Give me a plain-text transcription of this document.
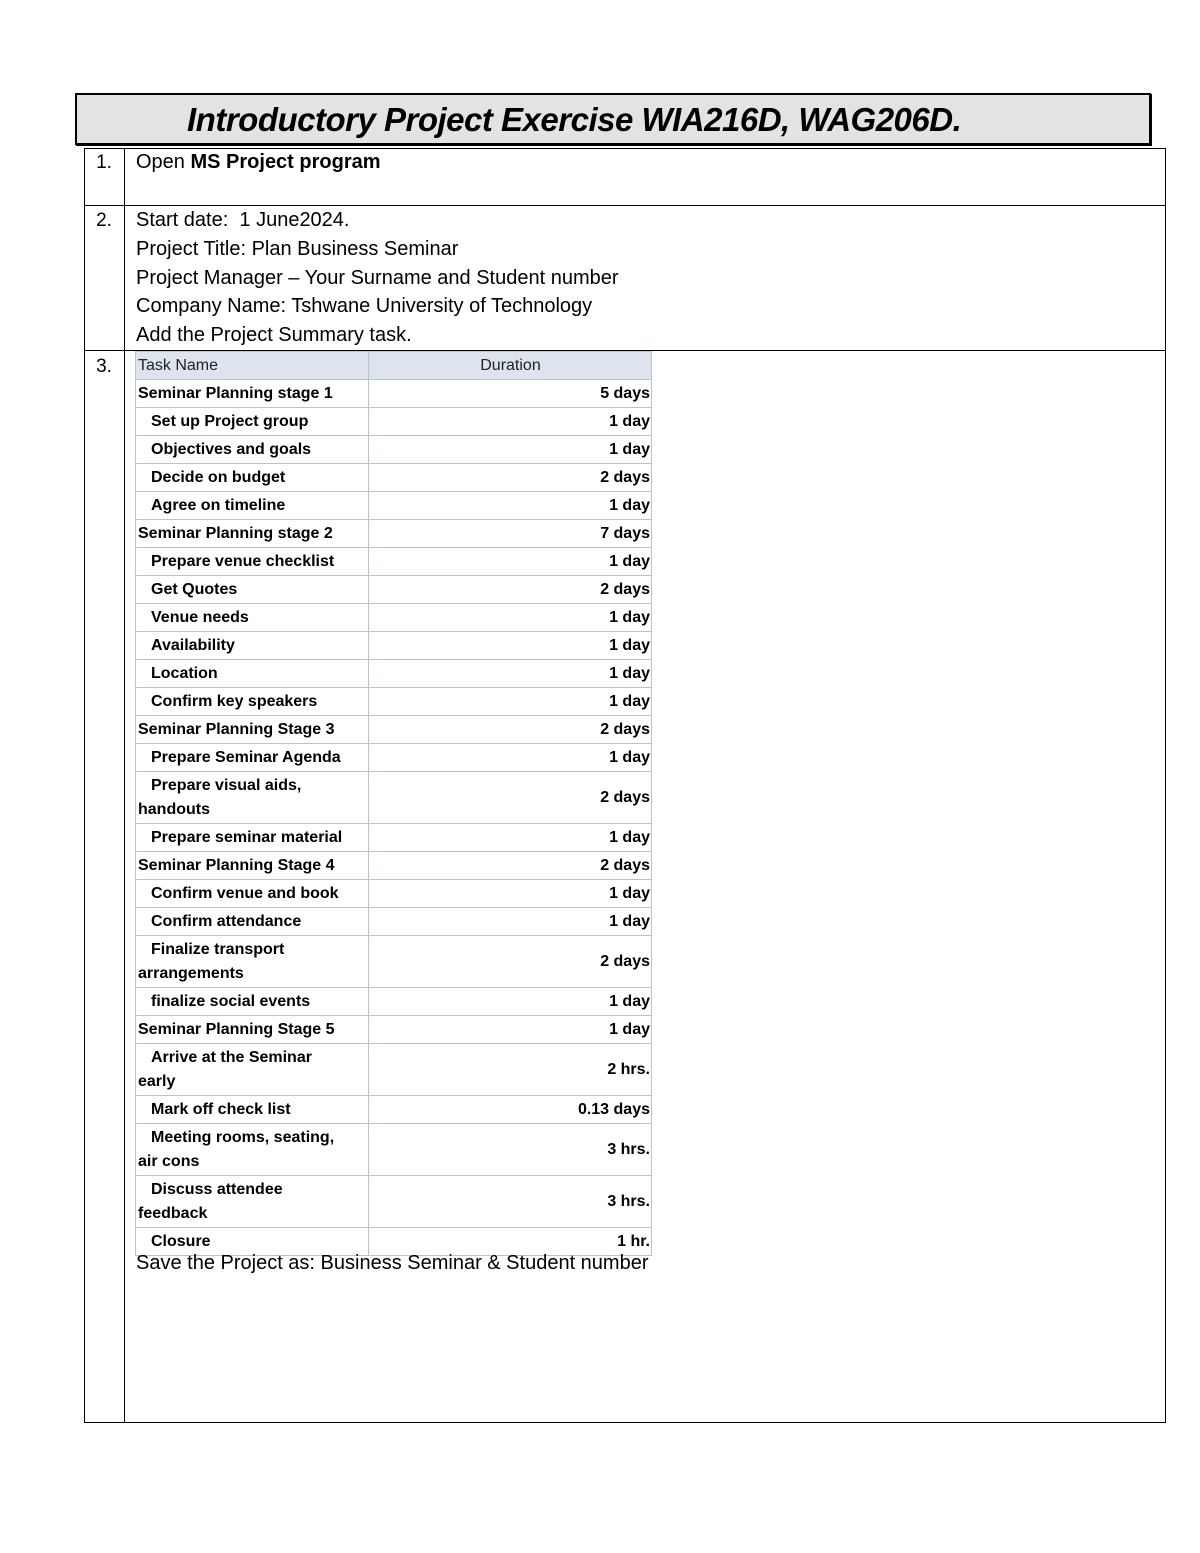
Introductory Project Exercise WIA216D, WAG206D.
1.	Open MS Project program
2.	Start date:  1 June2024.
Project Title: Plan Business Seminar
Project Manager – Your Surname and Student number
Company Name: Tshwane University of Technology
Add the Project Summary task.
3.	Task Name	Duration
Seminar Planning stage 1	5 days
Set up Project group	1 day
Objectives and goals	1 day
Decide on budget	2 days
Agree on timeline	1 day
Seminar Planning stage 2	7 days
Prepare venue checklist	1 day
Get Quotes	2 days
Venue needs	1 day
Availability	1 day
Location	1 day
Confirm key speakers	1 day
Seminar Planning Stage 3	2 days
Prepare Seminar Agenda	1 day
Prepare visual aids,
handouts	2 days
Prepare seminar material	1 day
Seminar Planning Stage 4	2 days
Confirm venue and book	1 day
Confirm attendance	1 day
Finalize transport
arrangements	2 days
finalize social events	1 day
Seminar Planning Stage 5	1 day
Arrive at the Seminar
early	2 hrs.
Mark off check list	0.13 days
Meeting rooms, seating,
air cons	3 hrs.
Discuss attendee
feedback	3 hrs.
Closure	1 hr.
Save the Project as: Business Seminar & Student number
